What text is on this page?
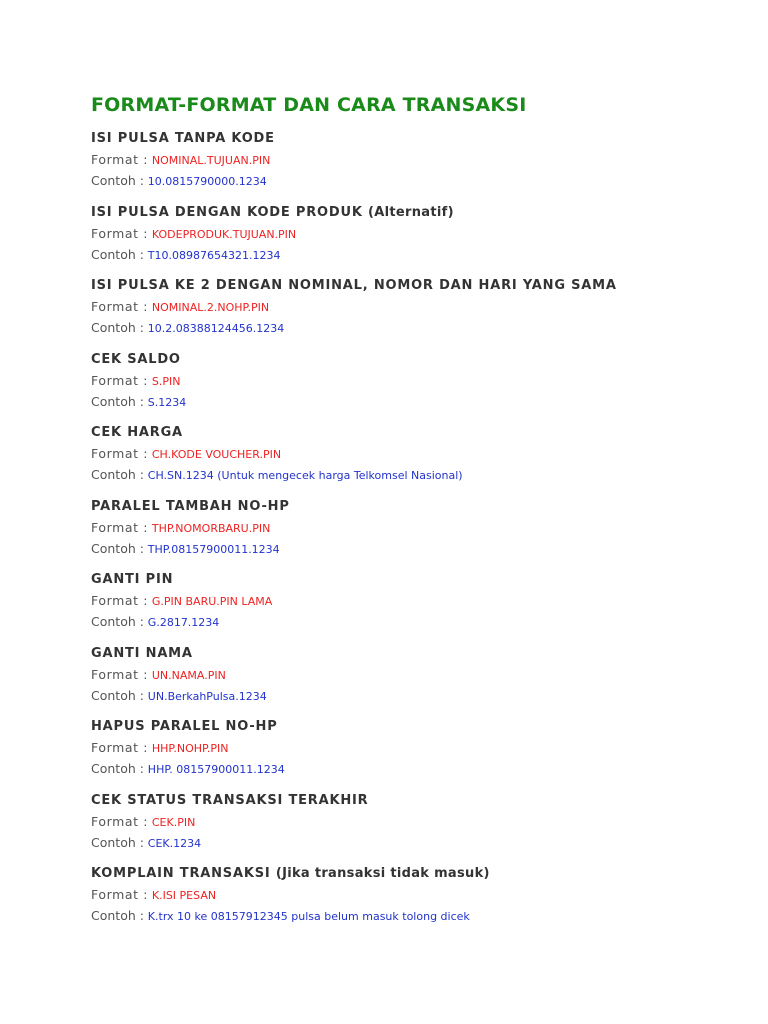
FORMAT-FORMAT DAN CARA TRANSAKSI
ISI PULSA TANPA KODE
Format : NOMINAL.TUJUAN.PIN
Contoh : 10.0815790000.1234
ISI PULSA DENGAN KODE PRODUK (Alternatif)
Format : KODEPRODUK.TUJUAN.PIN
Contoh : T10.08987654321.1234
ISI PULSA KE 2 DENGAN NOMINAL, NOMOR DAN HARI YANG SAMA
Format : NOMINAL.2.NOHP.PIN
Contoh : 10.2.08388124456.1234
CEK SALDO
Format : S.PIN
Contoh : S.1234
CEK HARGA
Format : CH.KODE VOUCHER.PIN
Contoh : CH.SN.1234 (Untuk mengecek harga Telkomsel Nasional)
PARALEL TAMBAH NO-HP
Format : THP.NOMORBARU.PIN
Contoh : THP.08157900011.1234
GANTI PIN
Format : G.PIN BARU.PIN LAMA
Contoh : G.2817.1234
GANTI NAMA
Format : UN.NAMA.PIN
Contoh : UN.BerkahPulsa.1234
HAPUS PARALEL NO-HP
Format : HHP.NOHP.PIN
Contoh : HHP. 08157900011.1234
CEK STATUS TRANSAKSI TERAKHIR
Format : CEK.PIN
Contoh : CEK.1234
KOMPLAIN TRANSAKSI (Jika transaksi tidak masuk)
Format : K.ISI PESAN
Contoh : K.trx 10 ke 08157912345 pulsa belum masuk tolong dicek
